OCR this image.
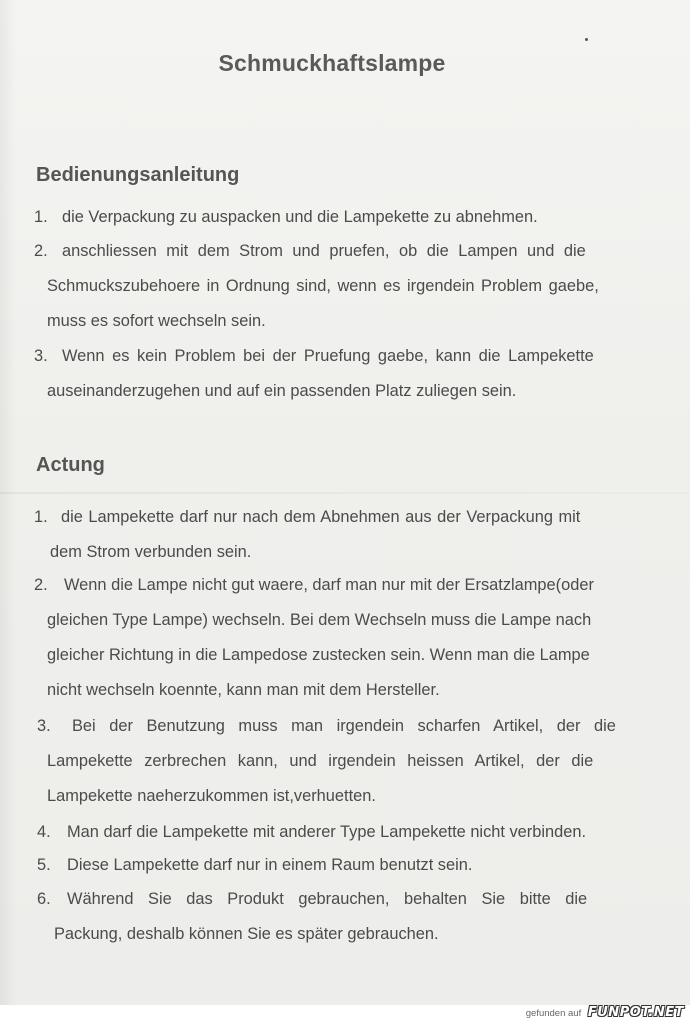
Schmuckhaftslampe
Bedienungsanleitung
1. die Verpackung zu auspacken und die Lampekette zu abnehmen.
2. anschliessen mit dem Strom und pruefen, ob die Lampen und die
Schmuckszubehoere in Ordnung sind, wenn es irgendein Problem gaebe,
muss es sofort wechseln sein.
3. Wenn es kein Problem bei der Pruefung gaebe, kann die Lampekette
auseinanderzugehen und auf ein passenden Platz zuliegen sein.
Actung
1. die Lampekette darf nur nach dem Abnehmen aus der Verpackung mit
dem Strom verbunden sein.
2. Wenn die Lampe nicht gut waere, darf man nur mit der Ersatzlampe(oder
gleichen Type Lampe) wechseln. Bei dem Wechseln muss die Lampe nach
gleicher Richtung in die Lampedose zustecken sein. Wenn man die Lampe
nicht wechseln koennte, kann man mit dem Hersteller.
3.	Bei der Benutzung muss man irgendein scharfen Artikel, der die
Lampekette zerbrechen kann, und irgendein heissen Artikel, der die
Lampekette naeherzukommen ist,verhuetten.
4. Man darf die Lampekette mit anderer Type Lampekette nicht verbinden.
5. Diese Lampekette darf nur in einem Raum benutzt sein.
6. Während Sie das Produkt gebrauchen, behalten Sie bitte die
Packung, deshalb können Sie es später gebrauchen.
gefunden auf FUNPOT.NET
